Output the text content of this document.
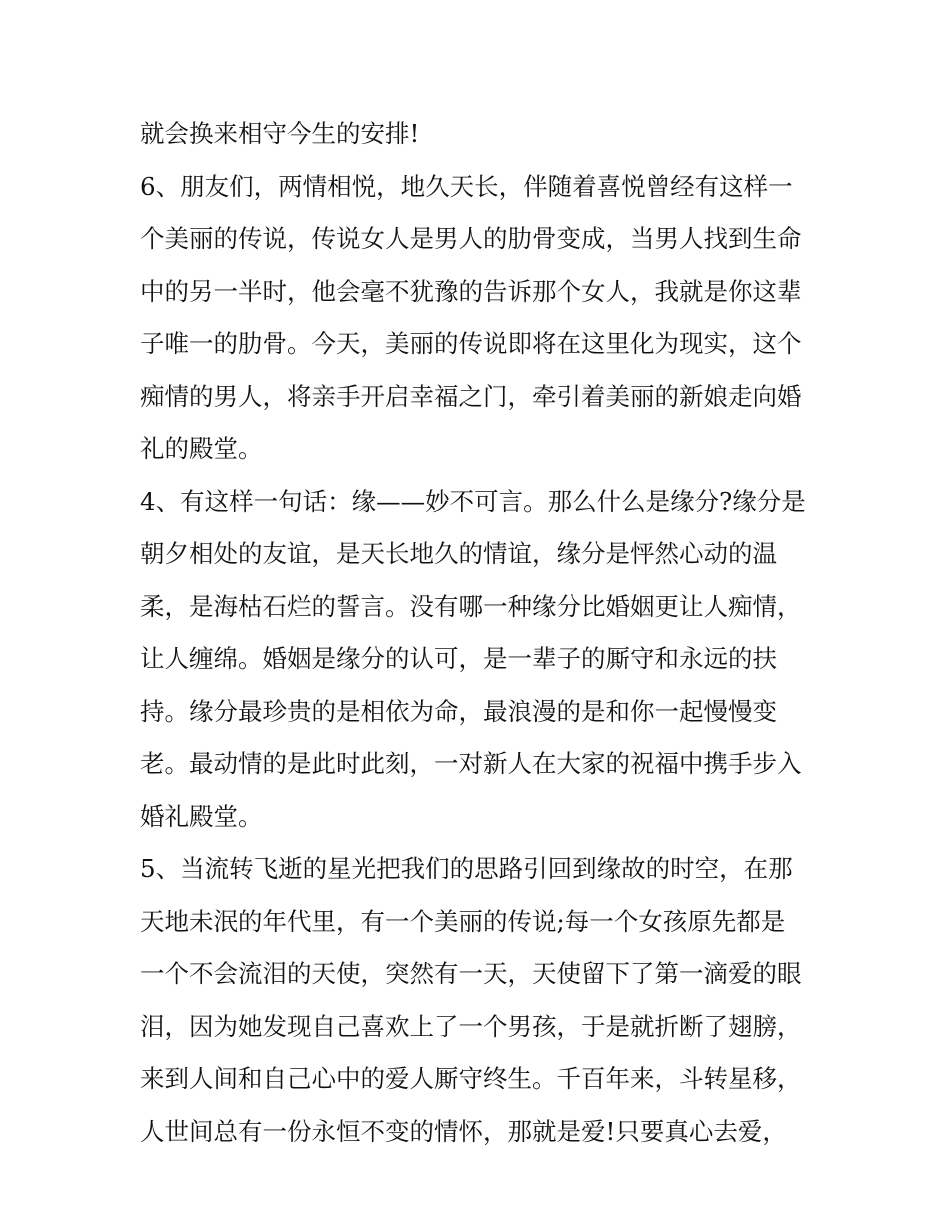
就会换来相守今生的安排!
6、朋友们，两情相悦，地久天长，伴随着喜悦曾经有这样一
个美丽的传说，传说女人是男人的肋骨变成，当男人找到生命
中的另一半时，他会毫不犹豫的告诉那个女人，我就是你这辈
子唯一的肋骨。今天，美丽的传说即将在这里化为现实，这个
痴情的男人，将亲手开启幸福之门，牵引着美丽的新娘走向婚
礼的殿堂。
4、有这样一句话：缘——妙不可言。那么什么是缘分?缘分是
朝夕相处的友谊，是天长地久的情谊，缘分是怦然心动的温
柔，是海枯石烂的誓言。没有哪一种缘分比婚姻更让人痴情，
让人缠绵。婚姻是缘分的认可，是一辈子的厮守和永远的扶
持。缘分最珍贵的是相依为命，最浪漫的是和你一起慢慢变
老。最动情的是此时此刻，一对新人在大家的祝福中携手步入
婚礼殿堂。
5、当流转飞逝的星光把我们的思路引回到缘故的时空，在那
天地未泯的年代里，有一个美丽的传说;每一个女孩原先都是
一个不会流泪的天使，突然有一天，天使留下了第一滴爱的眼
泪，因为她发现自己喜欢上了一个男孩，于是就折断了翅膀，
来到人间和自己心中的爱人厮守终生。千百年来，斗转星移，
人世间总有一份永恒不变的情怀，那就是爱!只要真心去爱，
